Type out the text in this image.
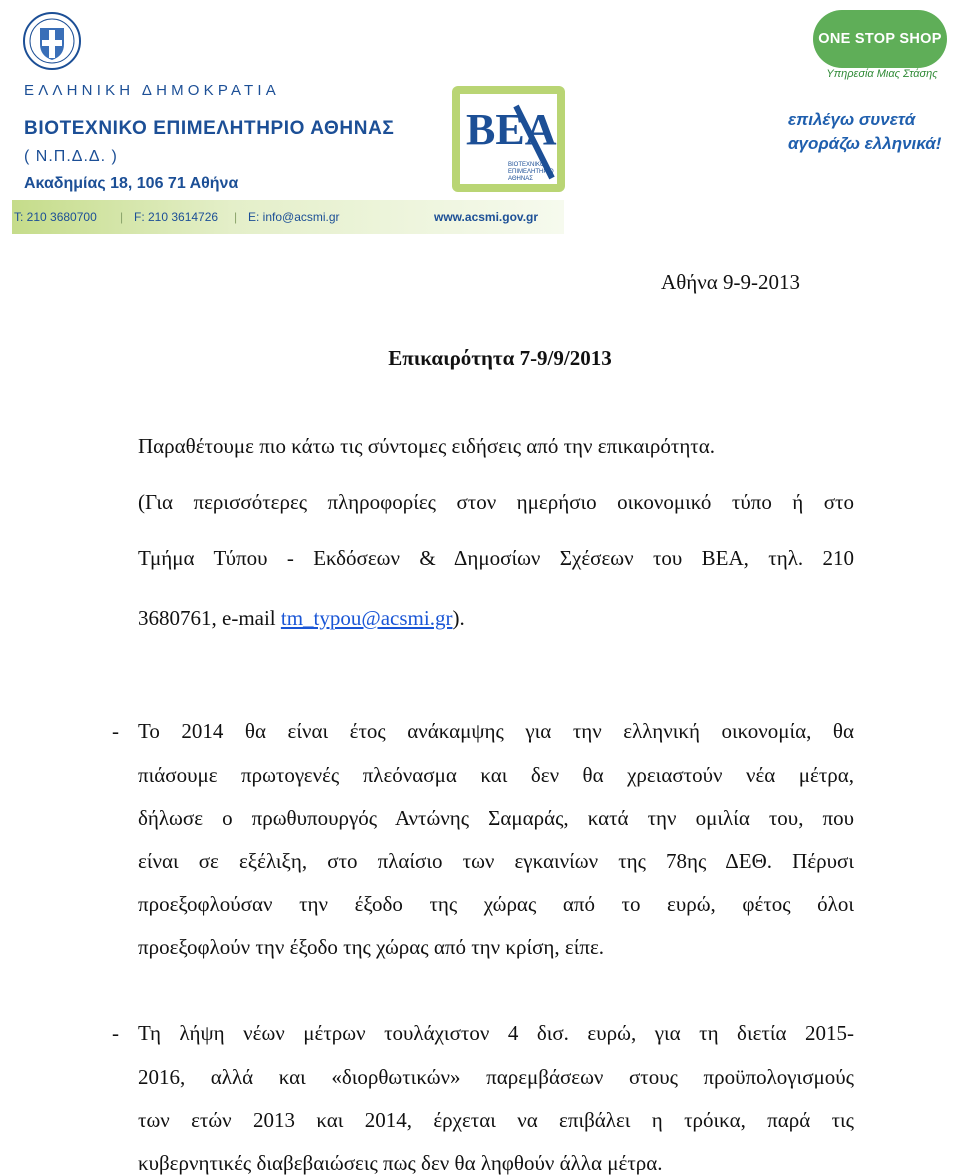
ΕΛΛΗΝΙΚΗ ΔΗΜΟΚΡΑΤΙΑ
ΒΙΟΤΕΧΝΙΚΟ ΕΠΙΜΕΛΗΤΗΡΙΟ ΑΘΗΝΑΣ
( Ν.Π.Δ.Δ. )
Ακαδημίας 18, 106 71 Αθήνα
T: 210 3680700 | F: 210 3614726 | E: info@acsmi.gr	www.acsmi.gov.gr
BEA
ΒΙΟΤΕΧΝΙΚΟ
ΕΠΙΜΕΛΗΤΗΡΙΟ
ΑΘΗΝΑΣ
ONE STOP SHOP
Υπηρεσία Μιας Στάσης
επιλέγω συνετά
αγοράζω ελληνικά!
Αθήνα 9-9-2013
Επικαιρότητα 7-9/9/2013
Παραθέτουμε πιο κάτω τις σύντομες ειδήσεις από την επικαιρότητα.
(Για περισσότερες πληροφορίες στον ημερήσιο οικονομικό τύπο ή στο
Τμήμα Τύπου - Εκδόσεων & Δημοσίων Σχέσεων του ΒΕΑ, τηλ. 210
3680761, e-mail tm_typou@acsmi.gr).
- Το 2014 θα είναι έτος ανάκαμψης για την ελληνική οικονομία, θα
πιάσουμε πρωτογενές πλεόνασμα και δεν θα χρειαστούν νέα μέτρα,
δήλωσε ο πρωθυπουργός Αντώνης Σαμαράς, κατά την ομιλία του, που
είναι σε εξέλιξη, στο πλαίσιο των εγκαινίων της 78ης ΔΕΘ. Πέρυσι
προεξοφλούσαν την έξοδο της χώρας από το ευρώ, φέτος όλοι
προεξοφλούν την έξοδο της χώρας από την κρίση, είπε.
- Τη λήψη νέων μέτρων τουλάχιστον 4 δισ. ευρώ, για τη διετία 2015-
2016, αλλά και «διορθωτικών» παρεμβάσεων στους προϋπολογισμούς
των ετών 2013 και 2014, έρχεται να επιβάλει η τρόικα, παρά τις
κυβερνητικές διαβεβαιώσεις πως δεν θα ληφθούν άλλα μέτρα.
